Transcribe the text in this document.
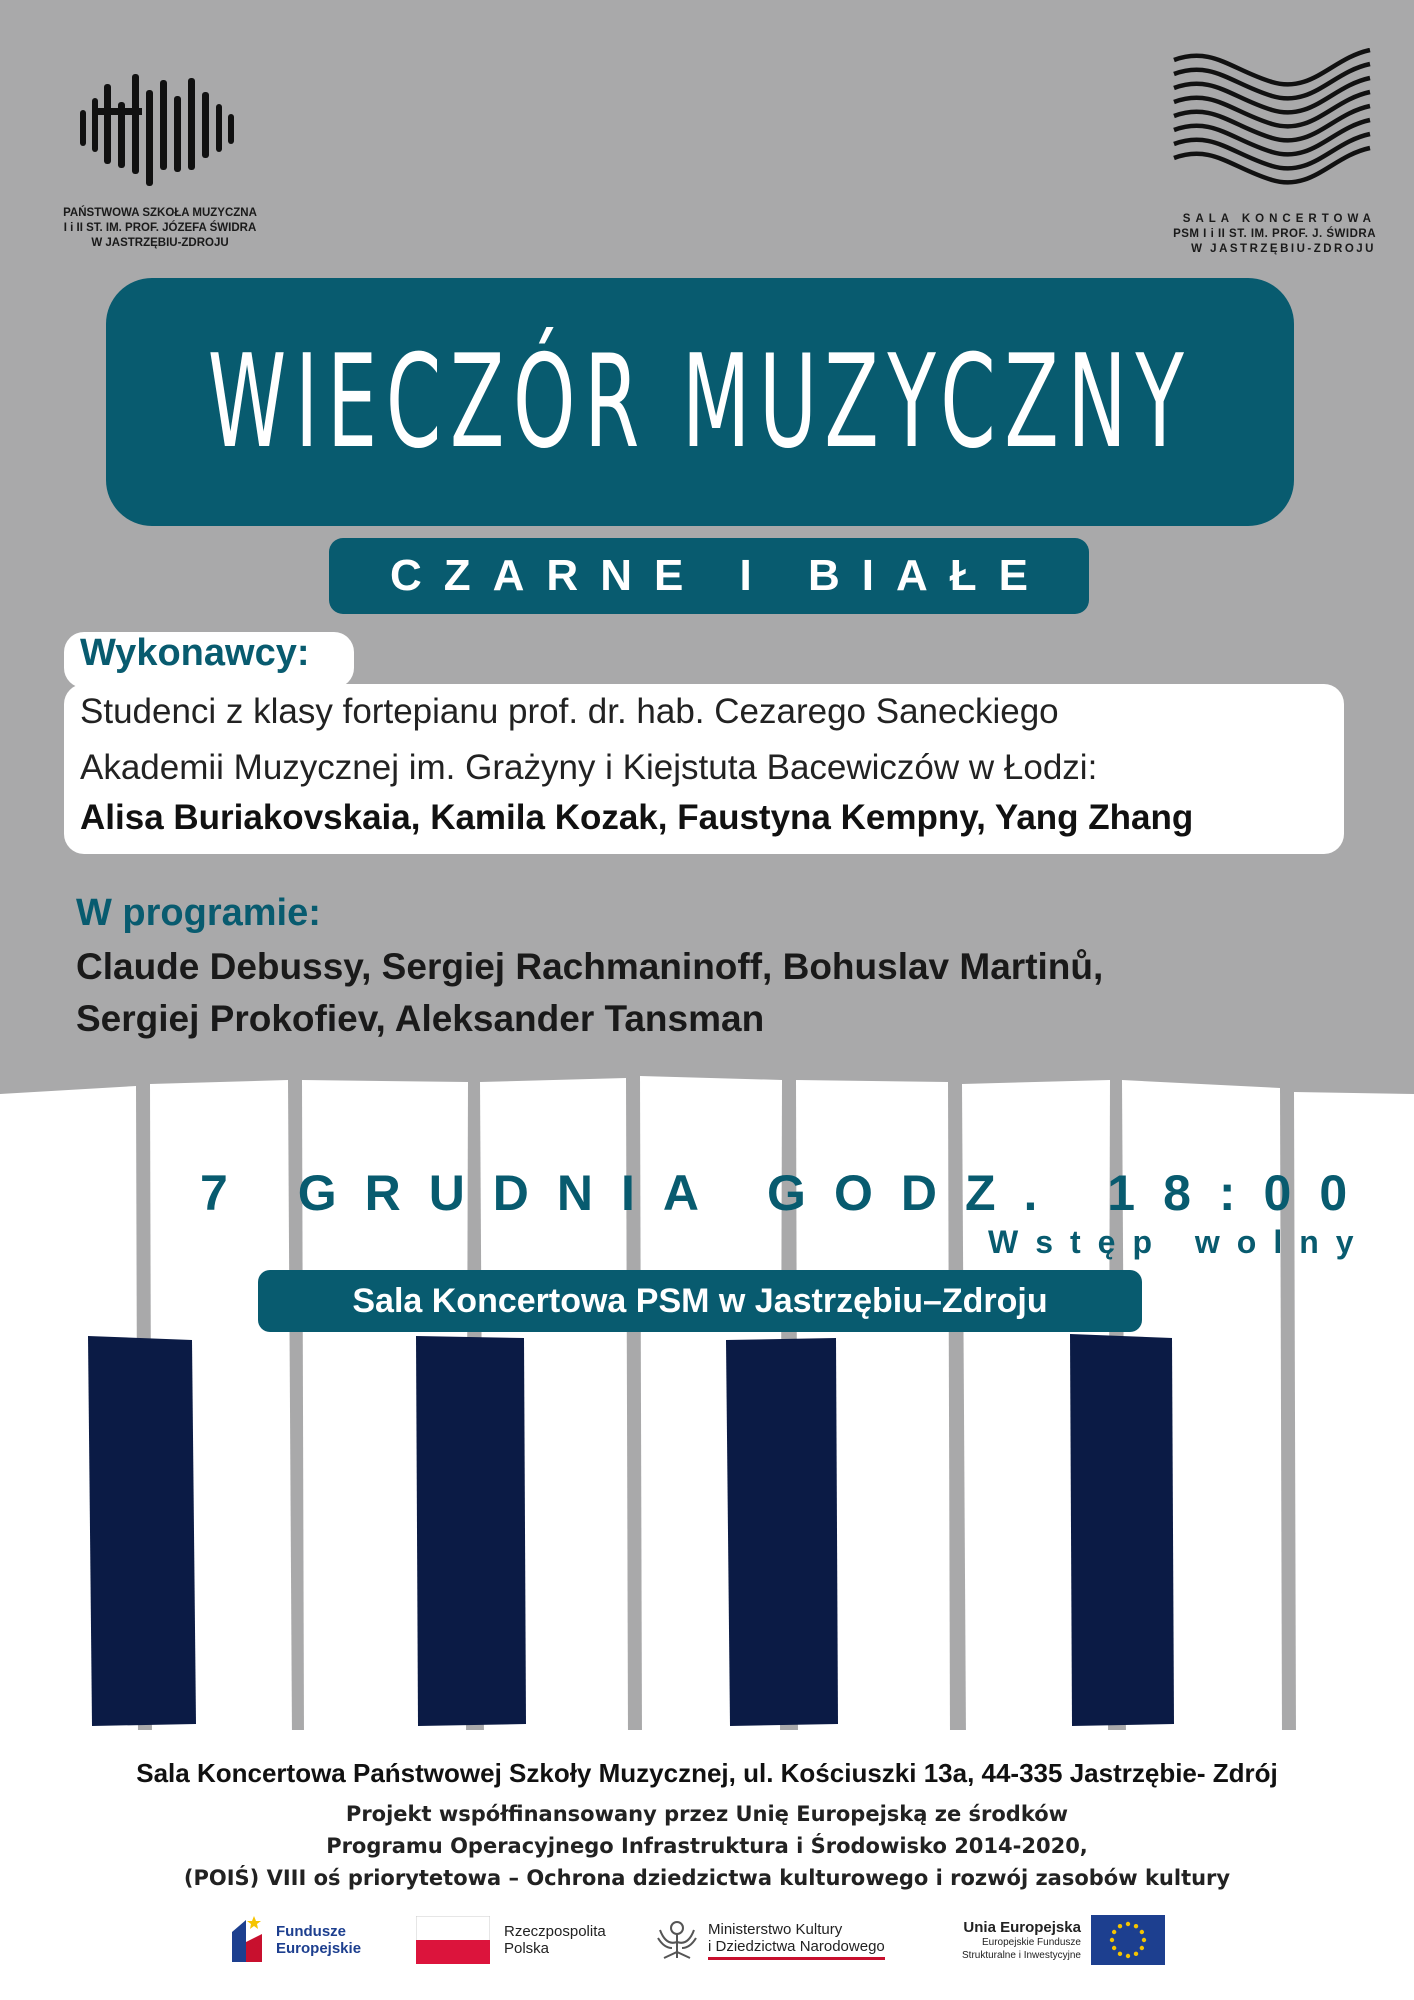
PAŃSTWOWA SZKOŁA MUZYCZNA
I i II ST. IM. PROF. JÓZEFA ŚWIDRA
W JASTRZĘBIU-ZDROJU
SALA KONCERTOWA
PSM I i II ST. IM. PROF. J. ŚWIDRA
W JASTRZĘBIU-ZDROJU
WIECZÓR MUZYCZNY
CZARNE I BIAŁE
Wykonawcy:
Studenci z klasy fortepianu prof. dr. hab. Cezarego Saneckiego
Akademii Muzycznej im. Grażyny i Kiejstuta Bacewiczów w Łodzi:
Alisa Buriakovskaia, Kamila Kozak, Faustyna Kempny, Yang Zhang
W programie:
Claude Debussy, Sergiej Rachmaninoff, Bohuslav Martinů,
Sergiej Prokofiev, Aleksander Tansman
7 GRUDNIA GODZ. 18:00
Wstęp wolny
Sala Koncertowa PSM w Jastrzębiu–Zdroju
Sala Koncertowa Państwowej Szkoły Muzycznej, ul. Kościuszki 13a, 44-335 Jastrzębie- Zdrój
Projekt współfinansowany przez Unię Europejską ze środków
Programu Operacyjnego Infrastruktura i Środowisko 2014-2020,
(POIŚ) VIII oś priorytetowa – Ochrona dziedzictwa kulturowego i rozwój zasobów kultury
Fundusze
Europejskie
Rzeczpospolita
Polska
Ministerstwo Kultury
i Dziedzictwa Narodowego
Unia Europejska
Europejskie Fundusze
Strukturalne i Inwestycyjne
